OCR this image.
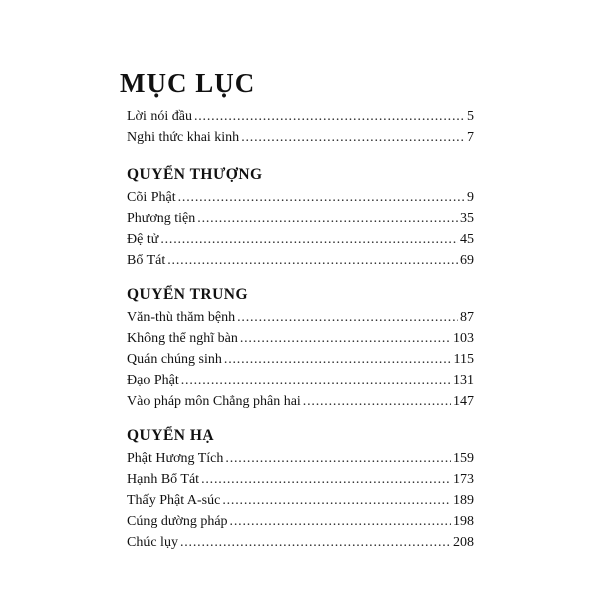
MỤC LỤC
Lời nói đầu .....	5
Nghi thức khai kinh .....	7
QUYỂN THƯỢNG
Cõi Phật .....	9
Phương tiện .....	35
Đệ tử .....	45
Bổ Tát .....	69
QUYỂN TRUNG
Văn-thù thăm bệnh .....	87
Không thể nghĩ bàn .....	103
Quán chúng sinh .....	115
Đạo Phật .....	131
Vào pháp môn Chẳng phân hai .....	147
QUYỂN HẠ
Phật Hương Tích .....	159
Hạnh Bổ Tát .....	173
Thấy Phật A-súc .....	189
Cúng dường pháp .....	198
Chúc lụy .....	208
